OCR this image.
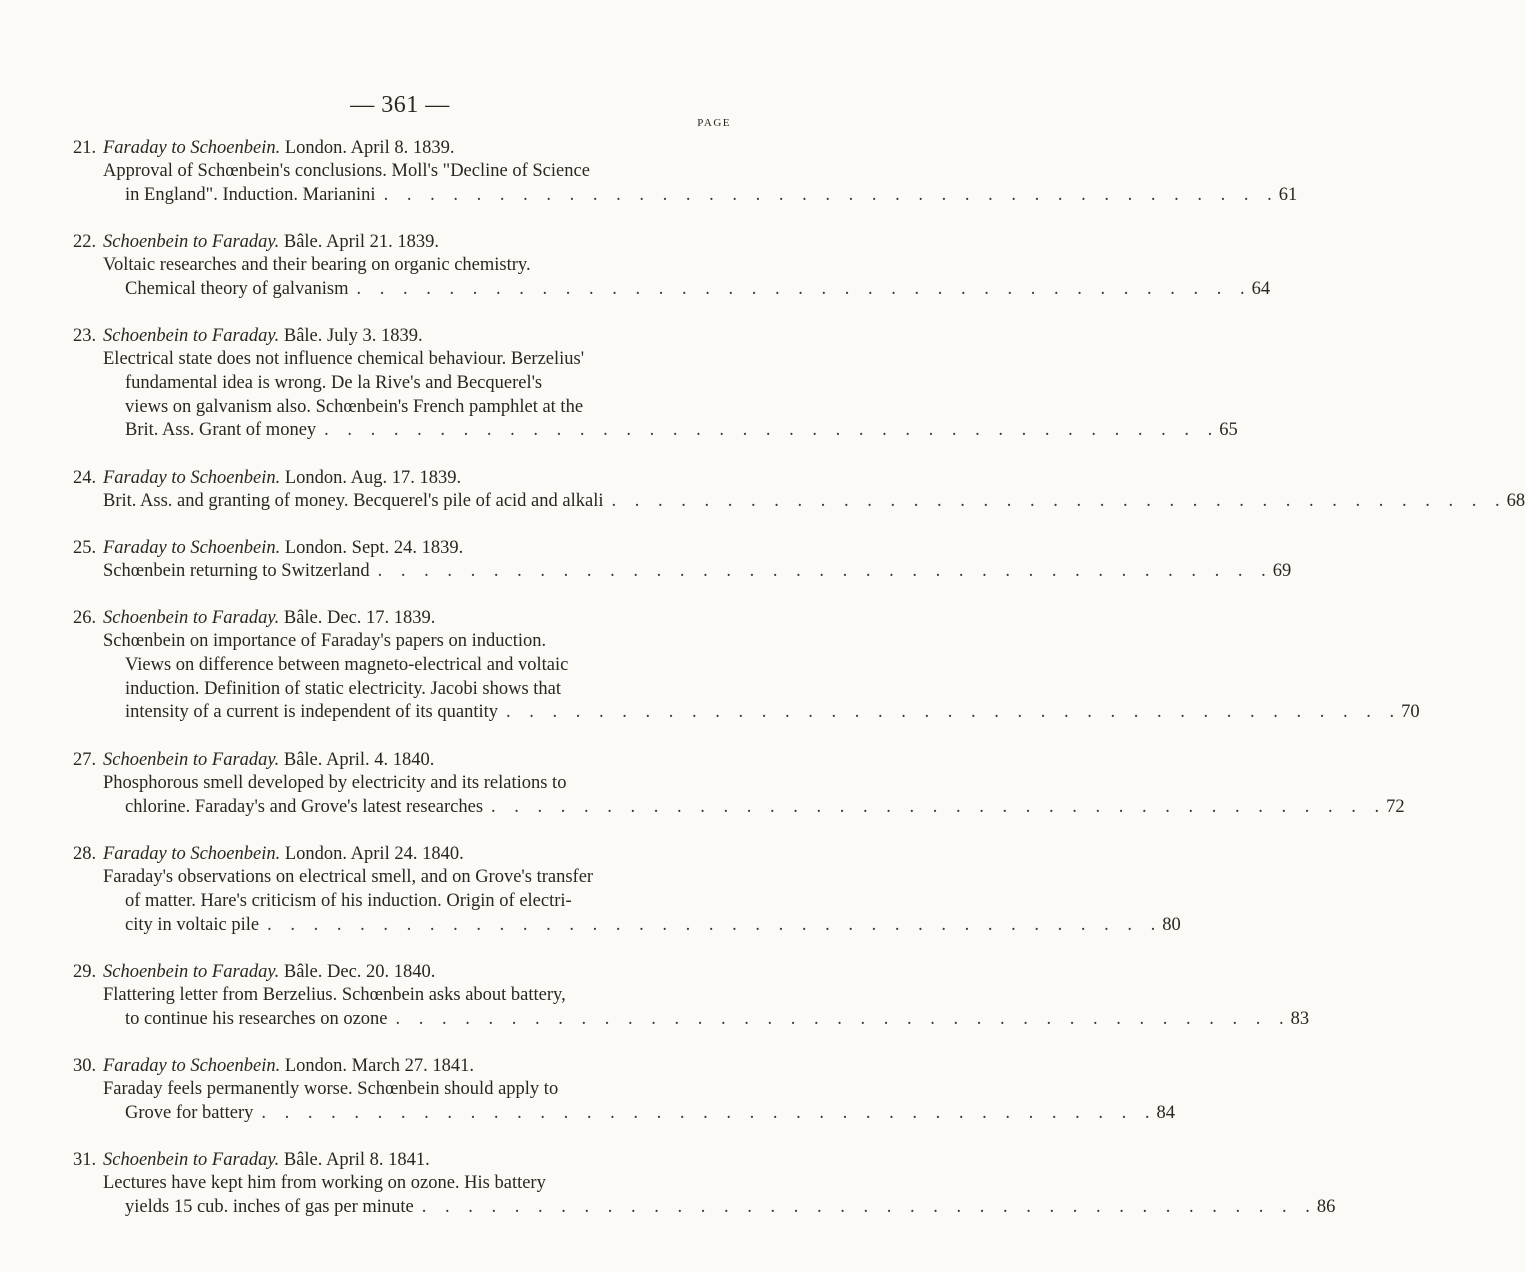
— 361 —
PAGE
21. Faraday to Schoenbein. London. April 8. 1839.
Approval of Schœnbein's conclusions. Moll's "Decline of Science
in England". Induction. Marianini . . . . . . . . . . . . . . . . . . . . . . . . . . . . . . . . . . . . . . . 61
22. Schoenbein to Faraday. Bâle. April 21. 1839.
Voltaic researches and their bearing on organic chemistry.
Chemical theory of galvanism . . . . . . . . . . . . . . . . . . . . . . . . . . . . . . . . . . . . . . . 64
23. Schoenbein to Faraday. Bâle. July 3. 1839.
Electrical state does not influence chemical behaviour. Berzelius'
fundamental idea is wrong. De la Rive's and Becquerel's
views on galvanism also. Schœnbein's French pamphlet at the
Brit. Ass. Grant of money . . . . . . . . . . . . . . . . . . . . . . . . . . . . . . . . . . . . . . . 65
24. Faraday to Schoenbein. London. Aug. 17. 1839.
Brit. Ass. and granting of money. Becquerel's pile of acid and alkali . . . . . . . . . . . . . . . . . . . . . . . . . . . . . . . . . . . . . . . 68
25. Faraday to Schoenbein. London. Sept. 24. 1839.
Schœnbein returning to Switzerland . . . . . . . . . . . . . . . . . . . . . . . . . . . . . . . . . . . . . . . 69
26. Schoenbein to Faraday. Bâle. Dec. 17. 1839.
Schœnbein on importance of Faraday's papers on induction.
Views on difference between magneto-electrical and voltaic
induction. Definition of static electricity. Jacobi shows that
intensity of a current is independent of its quantity . . . . . . . . . . . . . . . . . . . . . . . . . . . . . . . . . . . . . . . 70
27. Schoenbein to Faraday. Bâle. April. 4. 1840.
Phosphorous smell developed by electricity and its relations to
chlorine. Faraday's and Grove's latest researches . . . . . . . . . . . . . . . . . . . . . . . . . . . . . . . . . . . . . . . 72
28. Faraday to Schoenbein. London. April 24. 1840.
Faraday's observations on electrical smell, and on Grove's transfer
of matter. Hare's criticism of his induction. Origin of electri-
city in voltaic pile . . . . . . . . . . . . . . . . . . . . . . . . . . . . . . . . . . . . . . . 80
29. Schoenbein to Faraday. Bâle. Dec. 20. 1840.
Flattering letter from Berzelius. Schœnbein asks about battery,
to continue his researches on ozone . . . . . . . . . . . . . . . . . . . . . . . . . . . . . . . . . . . . . . . 83
30. Faraday to Schoenbein. London. March 27. 1841.
Faraday feels permanently worse. Schœnbein should apply to
Grove for battery . . . . . . . . . . . . . . . . . . . . . . . . . . . . . . . . . . . . . . . 84
31. Schoenbein to Faraday. Bâle. April 8. 1841.
Lectures have kept him from working on ozone. His battery
yields 15 cub. inches of gas per minute . . . . . . . . . . . . . . . . . . . . . . . . . . . . . . . . . . . . . . . 86
